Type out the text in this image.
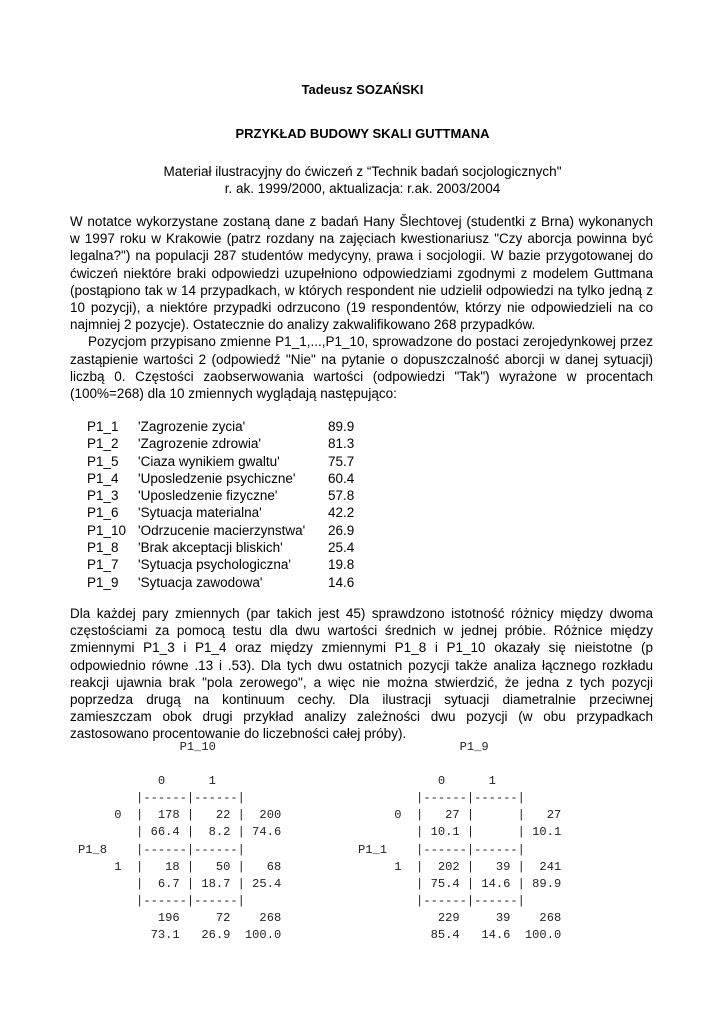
Tadeusz SOZAŃSKI
PRZYKŁAD BUDOWY SKALI GUTTMANA
Materiał ilustracyjny do ćwiczeń z “Technik badań socjologicznych"
r. ak. 1999/2000, aktualizacja: r.ak. 2003/2004
W notatce wykorzystane zostaną dane z badań Hany Šlechtovej (studentki z Brna) wykonanych w 1997 roku w Krakowie (patrz rozdany na zajęciach kwestionariusz "Czy aborcja powinna być legalna?") na populacji 287 studentów medycyny, prawa i socjologii. W bazie przygotowanej do ćwiczeń niektóre braki odpowiedzi uzupełniono odpowiedziami zgodnymi z modelem Guttmana (postąpiono tak w 14 przypadkach, w których respondent nie udzielił odpowiedzi na tylko jedną z 10 pozycji), a niektóre przypadki odrzucono (19 respondentów, którzy nie odpowiedzieli na co najmniej 2 pozycje). Ostatecznie do analizy zakwalifikowano 268 przypadków.
Pozycjom przypisano zmienne P1_1,...,P1_10, sprowadzone do postaci zerojedynkowej przez zastąpienie wartości 2 (odpowiedź "Nie" na pytanie o dopuszczalność aborcji w danej sytuacji) liczbą 0. Częstości zaobserwowania wartości (odpowiedzi "Tak") wyrażone w procentach (100%=268) dla 10 zmiennych wyglądają następująco:
P1_1 'Zagrozenie zycia'	89.9
P1_2 'Zagrozenie zdrowia'	81.3
P1_5 'Ciaza wynikiem gwaltu'	75.7
P1_4 'Uposledzenie psychiczne' 60.4
P1_3 'Uposledzenie fizyczne'	57.8
P1_6 'Sytuacja materialna'	42.2
P1_10 'Odrzucenie macierzynstwa' 26.9
P1_8 'Brak akceptacji bliskich'	25.4
P1_7 'Sytuacja psychologiczna'	19.8
P1_9 'Sytuacja zawodowa'	14.6
Dla każdej pary zmiennych (par takich jest 45) sprawdzono istotność różnicy między dwoma częstościami za pomocą testu dla dwu wartości średnich w jednej próbie. Różnice między zmiennymi P1_3 i P1_4 oraz między zmiennymi P1_8 i P1_10 okazały się nieistotne (p odpowiednio równe .13 i .53). Dla tych dwu ostatnich pozycji także analiza łącznego rozkładu reakcji ujawnia brak "pola zerowego", a więc nie można stwierdzić, że jedna z tych pozycji poprzedza drugą na kontinuum cechy. Dla ilustracji sytuacji diametralnie przeciwnej zamieszczam obok drugi przykład analizy zależności dwu pozycji (w obu przypadkach zastosowano procentowanie do liczebności całej próby).
P1_10

0      1
|------|------|
0  |  178 |   22 |  200
| 66.4 |  8.2 | 74.6
P1_8    |------|------|
1  |   18 |   50 |   68
|  6.7 | 18.7 | 25.4
|------|------|
196     72    268
73.1   26.9  100.0
P1_9

0      1
|------|------|
0  |   27 |      |   27
| 10.1 |      | 10.1
P1_1    |------|------|
1  |  202 |   39 |  241
| 75.4 | 14.6 | 89.9
|------|------|
229     39    268
85.4   14.6  100.0
